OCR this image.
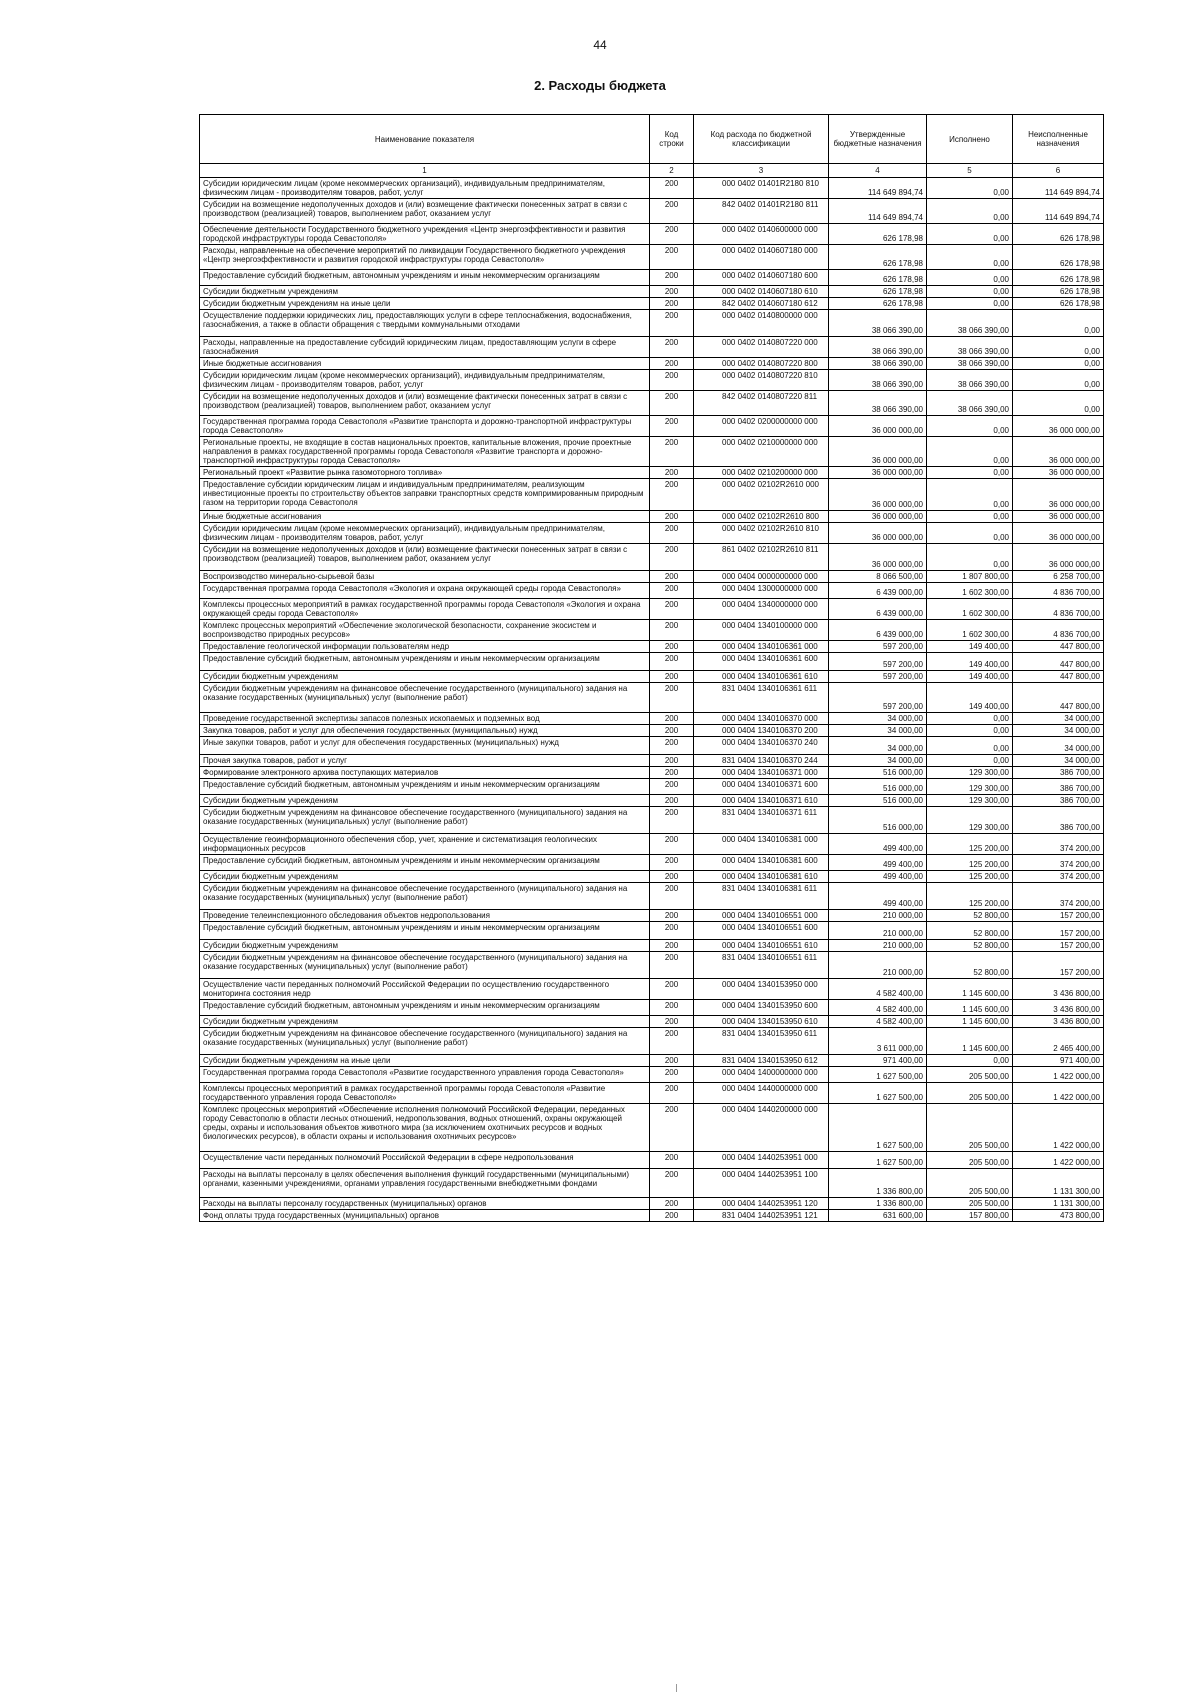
44
2. Расходы бюджета
Наименование показателя	Код строки	Код расхода по бюджетной классификации	Утвержденные бюджетные назначения	Исполнено	Неисполненные назначения
1	2	3	4	5	6
Субсидии юридическим лицам (кроме некоммерческих организаций), индивидуальным предпринимателям, физическим лицам - производителям товаров, работ, услуг	200	000 0402 01401R2180 810	114 649 894,74	0,00	114 649 894,74
Субсидии на возмещение недополученных доходов и (или) возмещение фактически понесенных затрат в связи с производством (реализацией) товаров, выполнением работ, оказанием услуг	200	842 0402 01401R2180 811	114 649 894,74	0,00	114 649 894,74
Обеспечение деятельности Государственного бюджетного учреждения «Центр энергоэффективности и развития городской инфраструктуры города Севастополя»	200	000 0402 0140600000 000	626 178,98	0,00	626 178,98
Расходы, направленные на обеспечение мероприятий по ликвидации Государственного бюджетного учреждения «Центр энергоэффективности и развития городской инфраструктуры города Севастополя»	200	000 0402 0140607180 000	626 178,98	0,00	626 178,98
Предоставление субсидий бюджетным, автономным учреждениям и иным некоммерческим организациям	200	000 0402 0140607180 600	626 178,98	0,00	626 178,98
Субсидии бюджетным учреждениям	200	000 0402 0140607180 610	626 178,98	0,00	626 178,98
Субсидии бюджетным учреждениям на иные цели	200	842 0402 0140607180 612	626 178,98	0,00	626 178,98
Осуществление поддержки юридических лиц, предоставляющих услуги в сфере теплоснабжения, водоснабжения, газоснабжения, а также в области обращения с твердыми коммунальными отходами	200	000 0402 0140800000 000	38 066 390,00	38 066 390,00	0,00
Расходы, направленные на предоставление субсидий юридическим лицам, предоставляющим услуги в сфере газоснабжения	200	000 0402 0140807220 000	38 066 390,00	38 066 390,00	0,00
Иные бюджетные ассигнования	200	000 0402 0140807220 800	38 066 390,00	38 066 390,00	0,00
Субсидии юридическим лицам (кроме некоммерческих организаций), индивидуальным предпринимателям, физическим лицам - производителям товаров, работ, услуг	200	000 0402 0140807220 810	38 066 390,00	38 066 390,00	0,00
Субсидии на возмещение недополученных доходов и (или) возмещение фактически понесенных затрат в связи с производством (реализацией) товаров, выполнением работ, оказанием услуг	200	842 0402 0140807220 811	38 066 390,00	38 066 390,00	0,00
Государственная программа города Севастополя «Развитие транспорта и дорожно-транспортной инфраструктуры города Севастополя»	200	000 0402 0200000000 000	36 000 000,00	0,00	36 000 000,00
Региональные проекты, не входящие в состав национальных проектов, капитальные вложения, прочие проектные направления в рамках государственной программы города Севастополя «Развитие транспорта и дорожно-транспортной инфраструктуры города Севастополя»	200	000 0402 0210000000 000	36 000 000,00	0,00	36 000 000,00
Региональный проект «Развитие рынка газомоторного топлива»	200	000 0402 0210200000 000	36 000 000,00	0,00	36 000 000,00
Предоставление субсидии юридическим лицам и индивидуальным предпринимателям, реализующим инвестиционные проекты по строительству объектов заправки транспортных средств компримированным природным газом на территории города Севастополя	200	000 0402 02102R2610 000	36 000 000,00	0,00	36 000 000,00
Иные бюджетные ассигнования	200	000 0402 02102R2610 800	36 000 000,00	0,00	36 000 000,00
Субсидии юридическим лицам (кроме некоммерческих организаций), индивидуальным предпринимателям, физическим лицам - производителям товаров, работ, услуг	200	000 0402 02102R2610 810	36 000 000,00	0,00	36 000 000,00
Субсидии на возмещение недополученных доходов и (или) возмещение фактически понесенных затрат в связи с производством (реализацией) товаров, выполнением работ, оказанием услуг	200	861 0402 02102R2610 811	36 000 000,00	0,00	36 000 000,00
Воспроизводство минерально-сырьевой базы	200	000 0404 0000000000 000	8 066 500,00	1 807 800,00	6 258 700,00
Государственная программа города Севастополя «Экология и охрана окружающей среды города Севастополя»	200	000 0404 1300000000 000	6 439 000,00	1 602 300,00	4 836 700,00
Комплексы процессных мероприятий в рамках государственной программы города Севастополя «Экология и охрана окружающей среды города Севастополя»	200	000 0404 1340000000 000	6 439 000,00	1 602 300,00	4 836 700,00
Комплекс процессных мероприятий «Обеспечение экологической безопасности, сохранение экосистем и воспроизводство природных ресурсов»	200	000 0404 1340100000 000	6 439 000,00	1 602 300,00	4 836 700,00
Предоставление геологической информации пользователям недр	200	000 0404 1340106361 000	597 200,00	149 400,00	447 800,00
Предоставление субсидий бюджетным, автономным учреждениям и иным некоммерческим организациям	200	000 0404 1340106361 600	597 200,00	149 400,00	447 800,00
Субсидии бюджетным учреждениям	200	000 0404 1340106361 610	597 200,00	149 400,00	447 800,00
Субсидии бюджетным учреждениям на финансовое обеспечение государственного (муниципального) задания на оказание государственных (муниципальных) услуг (выполнение работ)	200	831 0404 1340106361 611	597 200,00	149 400,00	447 800,00
Проведение государственной экспертизы запасов полезных ископаемых и подземных вод	200	000 0404 1340106370 000	34 000,00	0,00	34 000,00
Закупка товаров, работ и услуг для обеспечения государственных (муниципальных) нужд	200	000 0404 1340106370 200	34 000,00	0,00	34 000,00
Иные закупки товаров, работ и услуг для обеспечения государственных (муниципальных) нужд	200	000 0404 1340106370 240	34 000,00	0,00	34 000,00
Прочая закупка товаров, работ и услуг	200	831 0404 1340106370 244	34 000,00	0,00	34 000,00
Формирование электронного архива поступающих материалов	200	000 0404 1340106371 000	516 000,00	129 300,00	386 700,00
Предоставление субсидий бюджетным, автономным учреждениям и иным некоммерческим организациям	200	000 0404 1340106371 600	516 000,00	129 300,00	386 700,00
Субсидии бюджетным учреждениям	200	000 0404 1340106371 610	516 000,00	129 300,00	386 700,00
Субсидии бюджетным учреждениям на финансовое обеспечение государственного (муниципального) задания на оказание государственных (муниципальных) услуг (выполнение работ)	200	831 0404 1340106371 611	516 000,00	129 300,00	386 700,00
Осуществление геоинформационного обеспечения сбор, учет, хранение и систематизация геологических информационных ресурсов	200	000 0404 1340106381 000	499 400,00	125 200,00	374 200,00
Предоставление субсидий бюджетным, автономным учреждениям и иным некоммерческим организациям	200	000 0404 1340106381 600	499 400,00	125 200,00	374 200,00
Субсидии бюджетным учреждениям	200	000 0404 1340106381 610	499 400,00	125 200,00	374 200,00
Субсидии бюджетным учреждениям на финансовое обеспечение государственного (муниципального) задания на оказание государственных (муниципальных) услуг (выполнение работ)	200	831 0404 1340106381 611	499 400,00	125 200,00	374 200,00
Проведение телеинспекционного обследования объектов недропользования	200	000 0404 1340106551 000	210 000,00	52 800,00	157 200,00
Предоставление субсидий бюджетным, автономным учреждениям и иным некоммерческим организациям	200	000 0404 1340106551 600	210 000,00	52 800,00	157 200,00
Субсидии бюджетным учреждениям	200	000 0404 1340106551 610	210 000,00	52 800,00	157 200,00
Субсидии бюджетным учреждениям на финансовое обеспечение государственного (муниципального) задания на оказание государственных (муниципальных) услуг (выполнение работ)	200	831 0404 1340106551 611	210 000,00	52 800,00	157 200,00
Осуществление части переданных полномочий Российской Федерации по осуществлению государственного мониторинга состояния недр	200	000 0404 1340153950 000	4 582 400,00	1 145 600,00	3 436 800,00
Предоставление субсидий бюджетным, автономным учреждениям и иным некоммерческим организациям	200	000 0404 1340153950 600	4 582 400,00	1 145 600,00	3 436 800,00
Субсидии бюджетным учреждениям	200	000 0404 1340153950 610	4 582 400,00	1 145 600,00	3 436 800,00
Субсидии бюджетным учреждениям на финансовое обеспечение государственного (муниципального) задания на оказание государственных (муниципальных) услуг (выполнение работ)	200	831 0404 1340153950 611	3 611 000,00	1 145 600,00	2 465 400,00
Субсидии бюджетным учреждениям на иные цели	200	831 0404 1340153950 612	971 400,00	0,00	971 400,00
Государственная программа города Севастополя «Развитие государственного управления города Севастополя»	200	000 0404 1400000000 000	1 627 500,00	205 500,00	1 422 000,00
Комплексы процессных мероприятий в рамках государственной программы города Севастополя «Развитие государственного управления города Севастополя»	200	000 0404 1440000000 000	1 627 500,00	205 500,00	1 422 000,00
Комплекс процессных мероприятий «Обеспечение исполнения полномочий Российской Федерации, переданных городу Севастополю в области лесных отношений, недропользования, водных отношений, охраны окружающей среды, охраны и использования объектов животного мира (за исключением охотничьих ресурсов и водных биологических ресурсов), в области охраны и использования охотничьих ресурсов»	200	000 0404 1440200000 000	1 627 500,00	205 500,00	1 422 000,00
Осуществление части переданных полномочий Российской Федерации в сфере недропользования	200	000 0404 1440253951 000	1 627 500,00	205 500,00	1 422 000,00
Расходы на выплаты персоналу в целях обеспечения выполнения функций государственными (муниципальными) органами, казенными учреждениями, органами управления государственными внебюджетными фондами	200	000 0404 1440253951 100	1 336 800,00	205 500,00	1 131 300,00
Расходы на выплаты персоналу государственных (муниципальных) органов	200	000 0404 1440253951 120	1 336 800,00	205 500,00	1 131 300,00
Фонд оплаты труда государственных (муниципальных) органов	200	831 0404 1440253951 121	631 600,00	157 800,00	473 800,00
